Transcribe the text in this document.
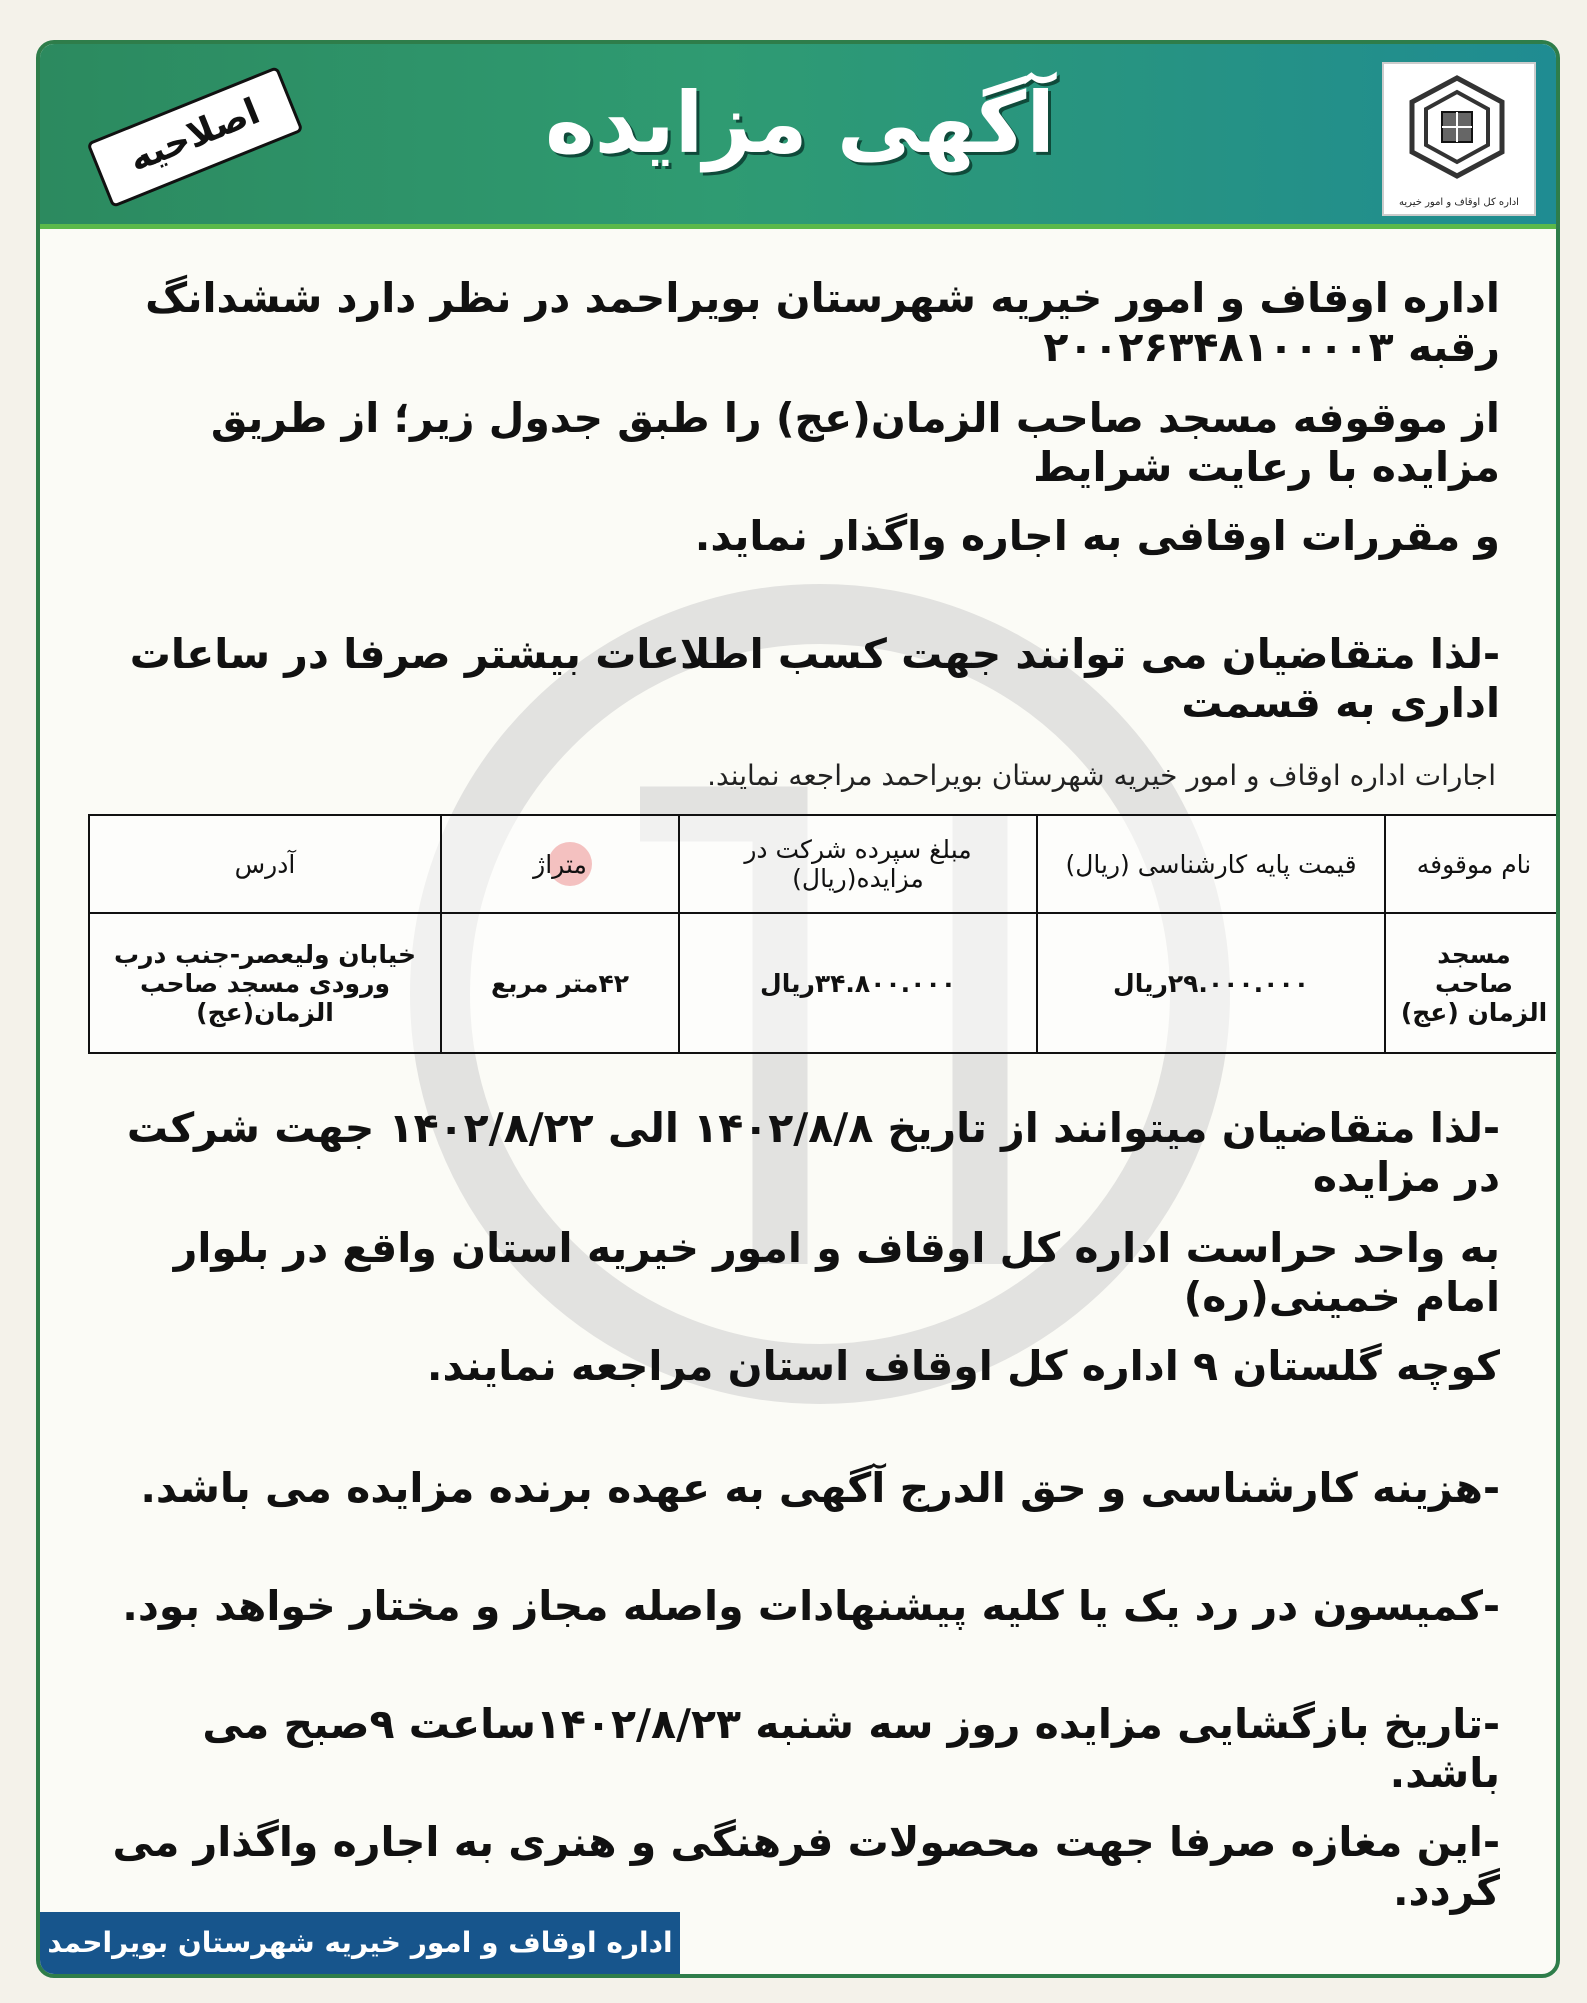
اداره کل اوقاف و امور خیریه
آگهی مزایده
اصلاحیه
اداره اوقاف و امور خیریه شهرستان بویراحمد در نظر دارد ششدانگ رقبه ۲۰۰۲۶۳۴۸۱۰۰۰۰۳
از موقوفه مسجد صاحب الزمان(عج) را طبق جدول زیر؛ از طریق مزایده با رعایت شرایط
و مقررات اوقافی به اجاره واگذار نماید.
-لذا متقاضیان می توانند جهت کسب اطلاعات بیشتر صرفا در ساعات اداری به قسمت
اجارات اداره اوقاف و امور خیریه شهرستان بویراحمد مراجعه نمایند.
نام موقوفه	قیمت پایه کارشناسی (ریال)	مبلغ سپرده شرکت در مزایده(ریال)	متراژ	آدرس
مسجد صاحب الزمان (عج)	۲۹.۰۰۰.۰۰۰ریال	۳۴.۸۰۰.۰۰۰ریال	۴۲متر مربع	خیابان ولیعصر-جنب درب ورودی مسجد صاحب الزمان(عج)
-لذا متقاضیان میتوانند از تاریخ ۱۴۰۲/۸/۸ الی ۱۴۰۲/۸/۲۲ جهت شرکت در مزایده
به واحد حراست اداره کل اوقاف و امور خیریه استان واقع در بلوار امام خمینی(ره)
کوچه گلستان ۹ اداره کل اوقاف استان مراجعه نمایند.
-هزینه کارشناسی و حق الدرج آگهی به عهده برنده مزایده می باشد.
-کمیسون در رد یک یا کلیه پیشنهادات واصله مجاز و مختار خواهد بود.
-تاریخ بازگشایی مزایده روز سه شنبه ۱۴۰۲/۸/۲۳ساعت ۹صبح می باشد.
-این مغازه صرفا جهت محصولات فرهنگی و هنری به اجاره واگذار می گردد.
اداره اوقاف و امور خیریه شهرستان بویراحمد
